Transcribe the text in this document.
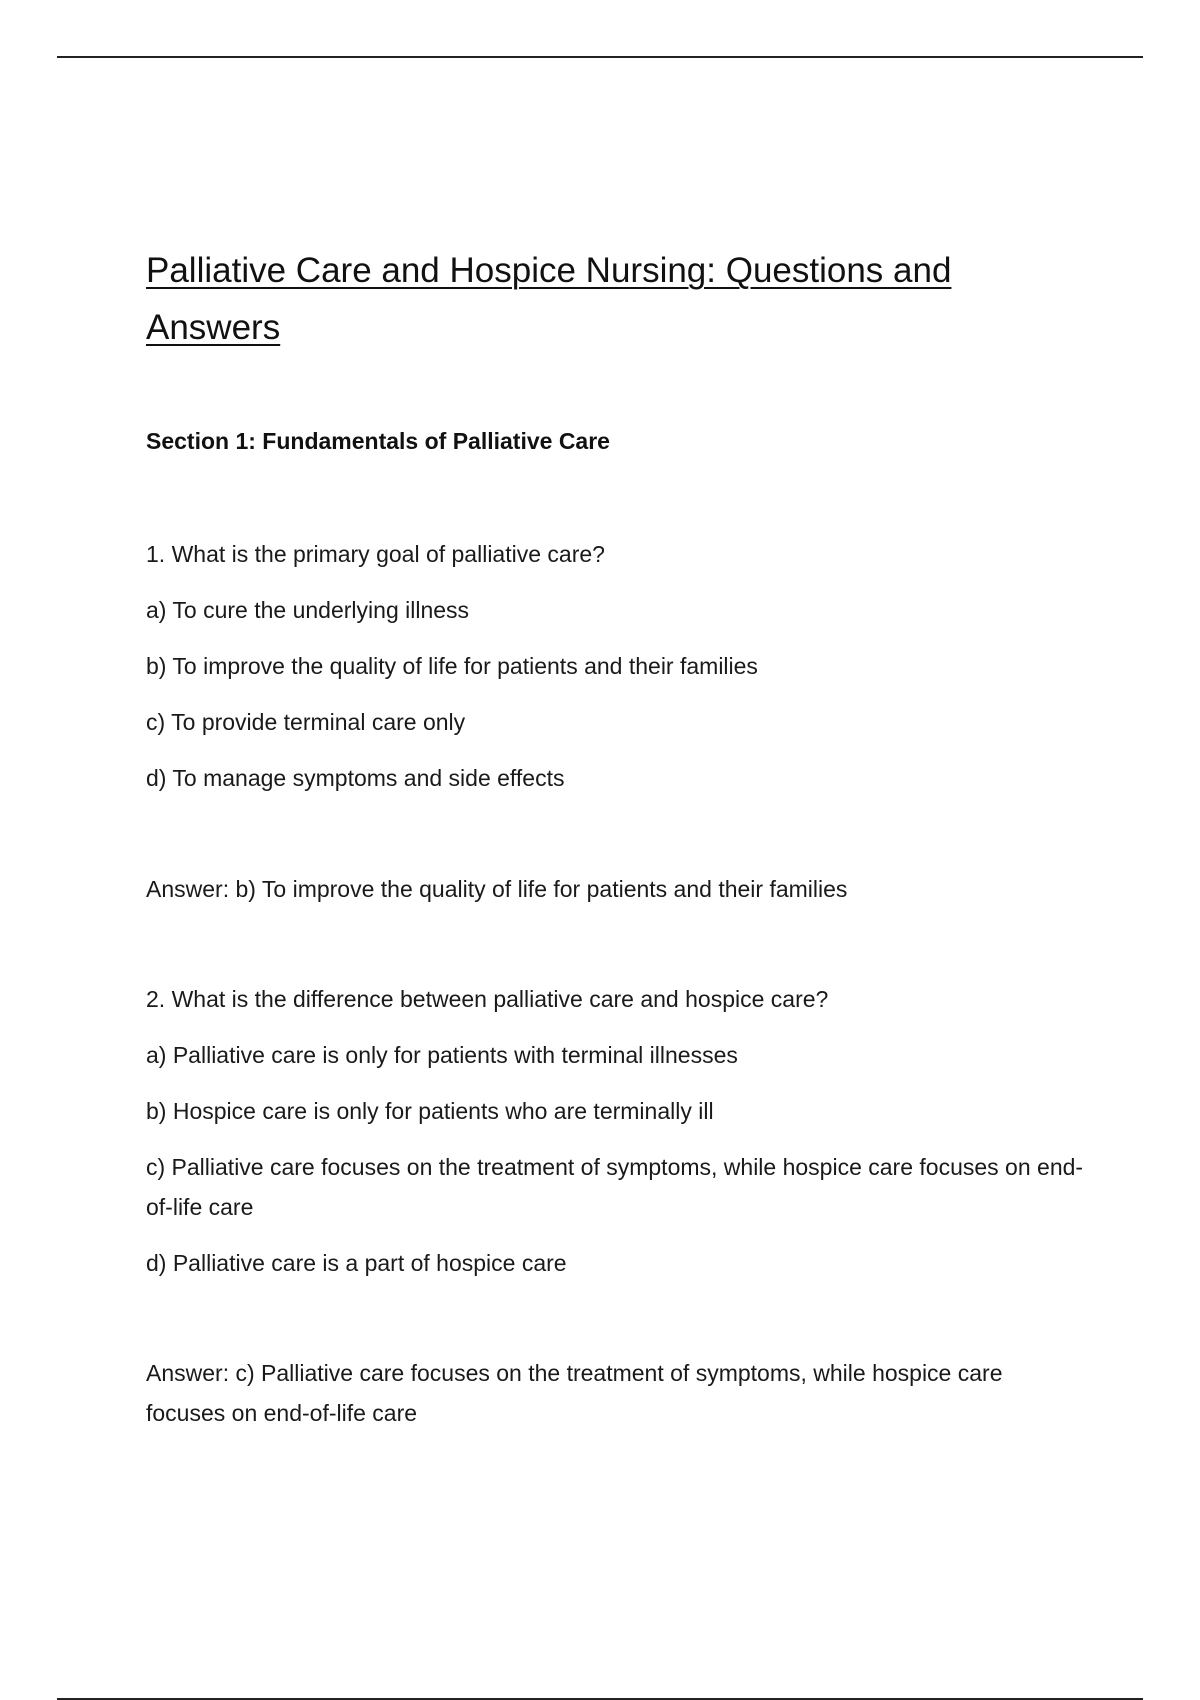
Palliative Care and Hospice Nursing: Questions and Answers
Section 1: Fundamentals of Palliative Care

1. What is the primary goal of palliative care?

a) To cure the underlying illness

b) To improve the quality of life for patients and their families

c) To provide terminal care only

d) To manage symptoms and side effects

Answer: b) To improve the quality of life for patients and their families

2. What is the difference between palliative care and hospice care?

a) Palliative care is only for patients with terminal illnesses

b) Hospice care is only for patients who are terminally ill

c) Palliative care focuses on the treatment of symptoms, while hospice care focuses on end-of-life care

d) Palliative care is a part of hospice care

Answer: c) Palliative care focuses on the treatment of symptoms, while hospice care focuses on end-of-life care
